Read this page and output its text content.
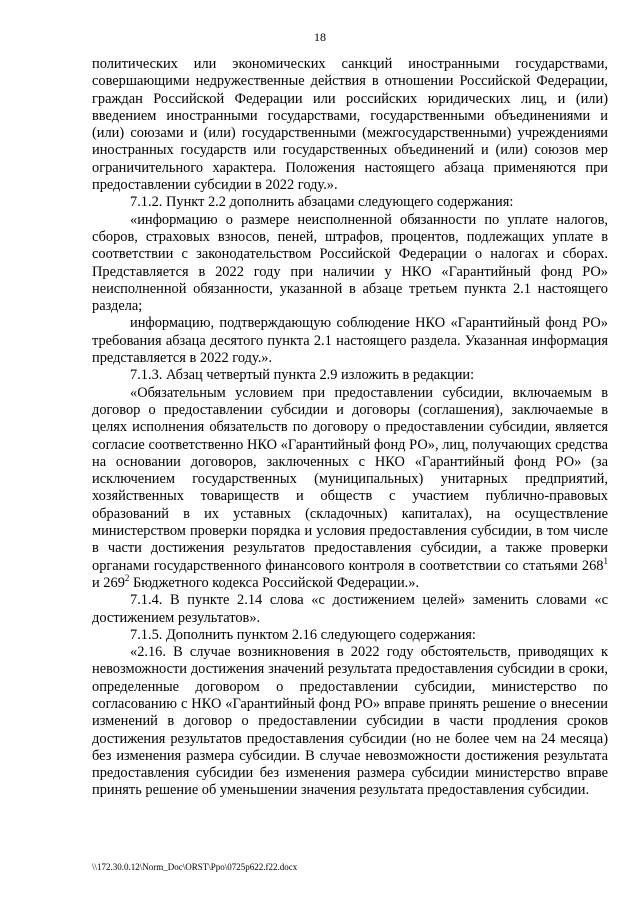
18

политических или экономических санкций иностранными государствами, совершающими недружественные действия в отношении Российской Федерации, граждан Российской Федерации или российских юридических лиц, и (или) введением иностранными государствами, государственными объединениями и (или) союзами и (или) государственными (межгосударственными) учреждениями иностранных государств или государственных объединений и (или) союзов мер ограничительного характера. Положения настоящего абзаца применяются при предоставлении субсидии в 2022 году.».

7.1.2. Пункт 2.2 дополнить абзацами следующего содержания:

«информацию о размере неисполненной обязанности по уплате налогов, сборов, страховых взносов, пеней, штрафов, процентов, подлежащих уплате в соответствии с законодательством Российской Федерации о налогах и сборах. Представляется в 2022 году при наличии у НКО «Гарантийный фонд РО» неисполненной обязанности, указанной в абзаце третьем пункта 2.1 настоящего раздела;

информацию, подтверждающую соблюдение НКО «Гарантийный фонд РО» требования абзаца десятого пункта 2.1 настоящего раздела. Указанная информация представляется в 2022 году.».

7.1.3. Абзац четвертый пункта 2.9 изложить в редакции:

«Обязательным условием при предоставлении субсидии, включаемым в договор о предоставлении субсидии и договоры (соглашения), заключаемые в целях исполнения обязательств по договору о предоставлении субсидии, является согласие соответственно НКО «Гарантийный фонд РО», лиц, получающих средства на основании договоров, заключенных с НКО «Гарантийный фонд РО» (за исключением государственных (муниципальных) унитарных предприятий, хозяйственных товариществ и обществ с участием публично-правовых образований в их уставных (складочных) капиталах), на осуществление министерством проверки порядка и условия предоставления субсидии, в том числе в части достижения результатов предоставления субсидии, а также проверки органами государственного финансового контроля в соответствии со статьями $268^1$ и $269^2$ Бюджетного кодекса Российской Федерации.».

7.1.4. В пункте 2.14 слова «с достижением целей» заменить словами «с достижением результатов».

7.1.5. Дополнить пунктом 2.16 следующего содержания:

«2.16. В случае возникновения в 2022 году обстоятельств, приводящих к невозможности достижения значений результата предоставления субсидии в сроки, определенные договором о предоставлении субсидии, министерство по согласованию с НКО «Гарантийный фонд РО» вправе принять решение о внесении изменений в договор о предоставлении субсидии в части продления сроков достижения результатов предоставления субсидии (но не более чем на 24 месяца) без изменения размера субсидии. В случае невозможности достижения результата предоставления субсидии без изменения размера субсидии министерство вправе принять решение об уменьшении значения результата предоставления субсидии.

\\172.30.0.12\Norm_Doc\ORST\Ppo\0725p622.f22.docx
